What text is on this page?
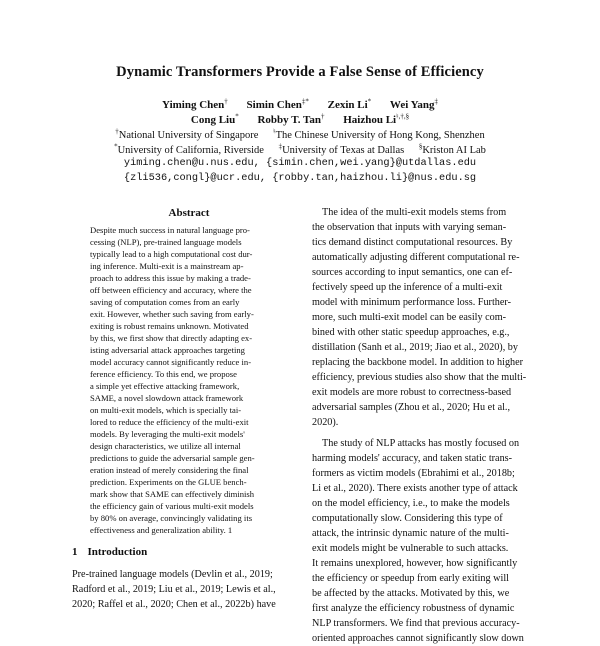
Dynamic Transformers Provide a False Sense of Efficiency
Yiming Chen† Simin Chen‡* Zexin Li* Wei Yang‡
Cong Liu* Robby T. Tan† Haizhou Li♮,†,§
†National University of Singapore ♮The Chinese University of Hong Kong, Shenzhen
*University of California, Riverside ‡University of Texas at Dallas §Kriston AI Lab
yiming.chen@u.nus.edu, {simin.chen,wei.yang}@utdallas.edu
{zli536,congl}@ucr.edu, {robby.tan,haizhou.li}@nus.edu.sg
Abstract
Despite much success in natural language pro-
cessing (NLP), pre-trained language models
typically lead to a high computational cost dur-
ing inference. Multi-exit is a mainstream ap-
proach to address this issue by making a trade-
off between efficiency and accuracy, where the
saving of computation comes from an early
exit. However, whether such saving from early-
exiting is robust remains unknown. Motivated
by this, we first show that directly adapting ex-
isting adversarial attack approaches targeting
model accuracy cannot significantly reduce in-
ference efficiency. To this end, we propose
a simple yet effective attacking framework,
SAME, a novel slowdown attack framework
on multi-exit models, which is specially tai-
lored to reduce the efficiency of the multi-exit
models. By leveraging the multi-exit models'
design characteristics, we utilize all internal
predictions to guide the adversarial sample gen-
eration instead of merely considering the final
prediction. Experiments on the GLUE bench-
mark show that SAME can effectively diminish
the efficiency gain of various multi-exit models
by 80% on average, convincingly validating its
effectiveness and generalization ability. 1
1 Introduction
Pre-trained language models (Devlin et al., 2019;
Radford et al., 2019; Liu et al., 2019; Lewis et al.,
2020; Raffel et al., 2020; Chen et al., 2022b) have
The idea of the multi-exit models stems from
the observation that inputs with varying seman-
tics demand distinct computational resources. By
automatically adjusting different computational re-
sources according to input semantics, one can ef-
fectively speed up the inference of a multi-exit
model with minimum performance loss. Further-
more, such multi-exit model can be easily com-
bined with other static speedup approaches, e.g.,
distillation (Sanh et al., 2019; Jiao et al., 2020), by
replacing the backbone model. In addition to higher
efficiency, previous studies also show that the multi-
exit models are more robust to correctness-based
adversarial samples (Zhou et al., 2020; Hu et al.,
2020).
The study of NLP attacks has mostly focused on
harming models' accuracy, and taken static trans-
formers as victim models (Ebrahimi et al., 2018b;
Li et al., 2020). There exists another type of attack
on the model efficiency, i.e., to make the models
computationally slow. Considering this type of
attack, the intrinsic dynamic nature of the multi-
exit models might be vulnerable to such attacks.
It remains unexplored, however, how significantly
the efficiency or speedup from early exiting will
be affected by the attacks. Motivated by this, we
first analyze the efficiency robustness of dynamic
NLP transformers. We find that previous accuracy-
oriented approaches cannot significantly slow down
